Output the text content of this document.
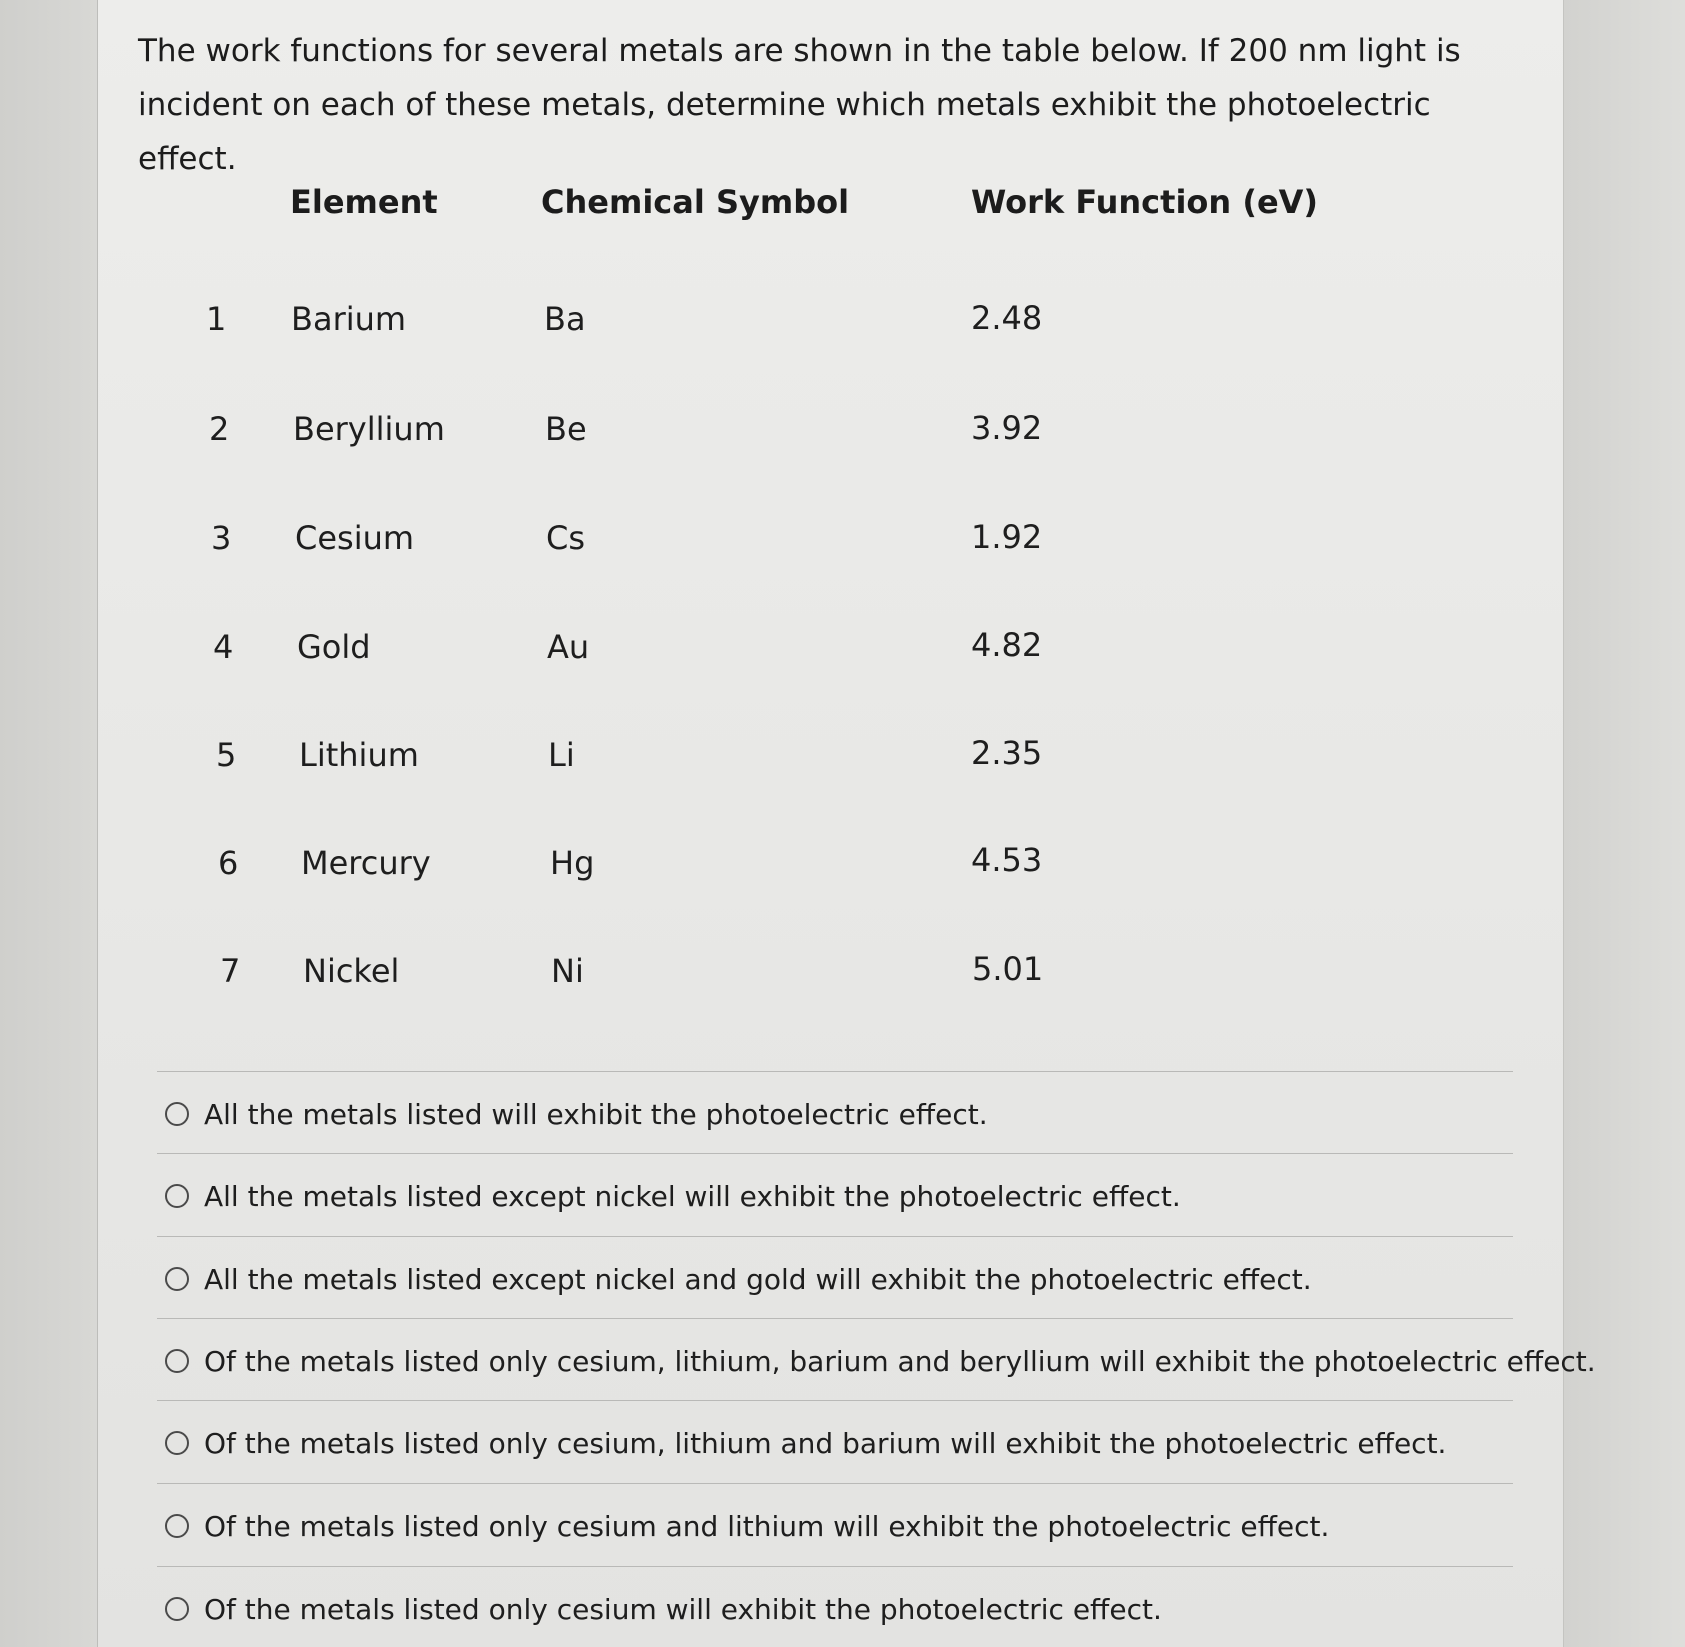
The work functions for several metals are shown in the table below. If 200 nm light is incident on each of these metals, determine which metals exhibit the photoelectric effect.

Element	Chemical Symbol	Work Function (eV)
1 Barium	Ba	2.48
2 Beryllium	Be	3.92
3 Cesium	Cs	1.92
4 Gold	Au	4.82
5 Lithium	Li	2.35
6 Mercury	Hg	4.53
7 Nickel	Ni	5.01
All the metals listed will exhibit the photoelectric effect.
All the metals listed except nickel will exhibit the photoelectric effect.
All the metals listed except nickel and gold will exhibit the photoelectric effect.
Of the metals listed only cesium, lithium, barium and beryllium will exhibit the photoelectric effect.
Of the metals listed only cesium, lithium and barium will exhibit the photoelectric effect.
Of the metals listed only cesium and lithium will exhibit the photoelectric effect.
Of the metals listed only cesium will exhibit the photoelectric effect.
